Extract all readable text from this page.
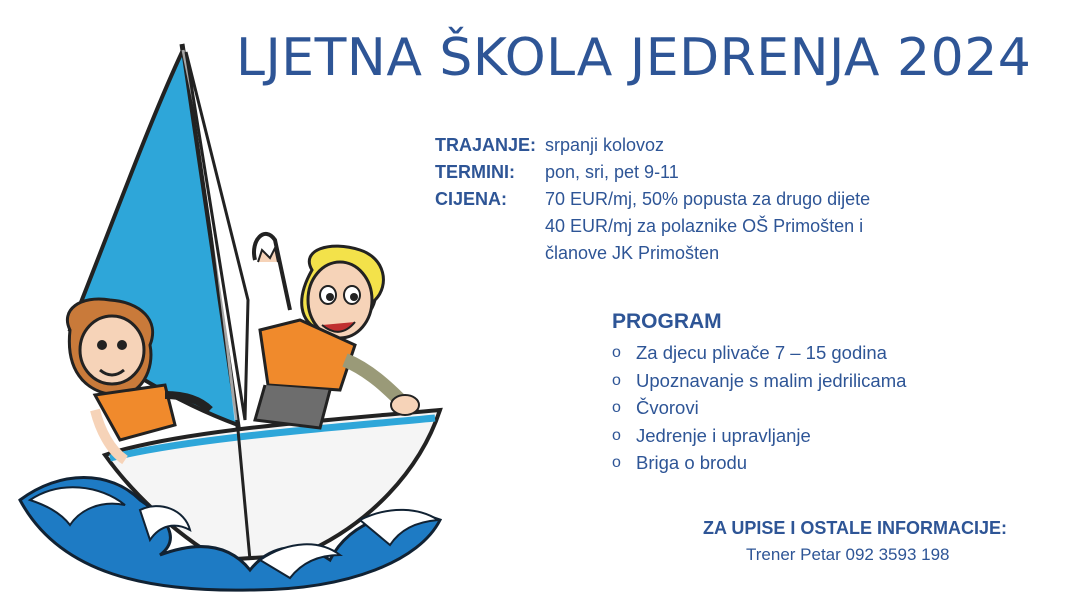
LJETNA ŠKOLA JEDRENJA 2024
TRAJANJE: srpanji kolovoz
TERMINI: pon, sri, pet 9-11
CIJENA: 70 EUR/mj, 50% popusta za drugo dijete
40 EUR/mj za polaznike OŠ Primošten i
članove JK Primošten
PROGRAM
o Za djecu plivače 7 – 15 godina
o Upoznavanje s malim jedrilicama
o Čvorovi
o Jedrenje i upravljanje
o Briga o brodu
ZA UPISE I OSTALE INFORMACIJE:
Trener Petar 092 3593 198
